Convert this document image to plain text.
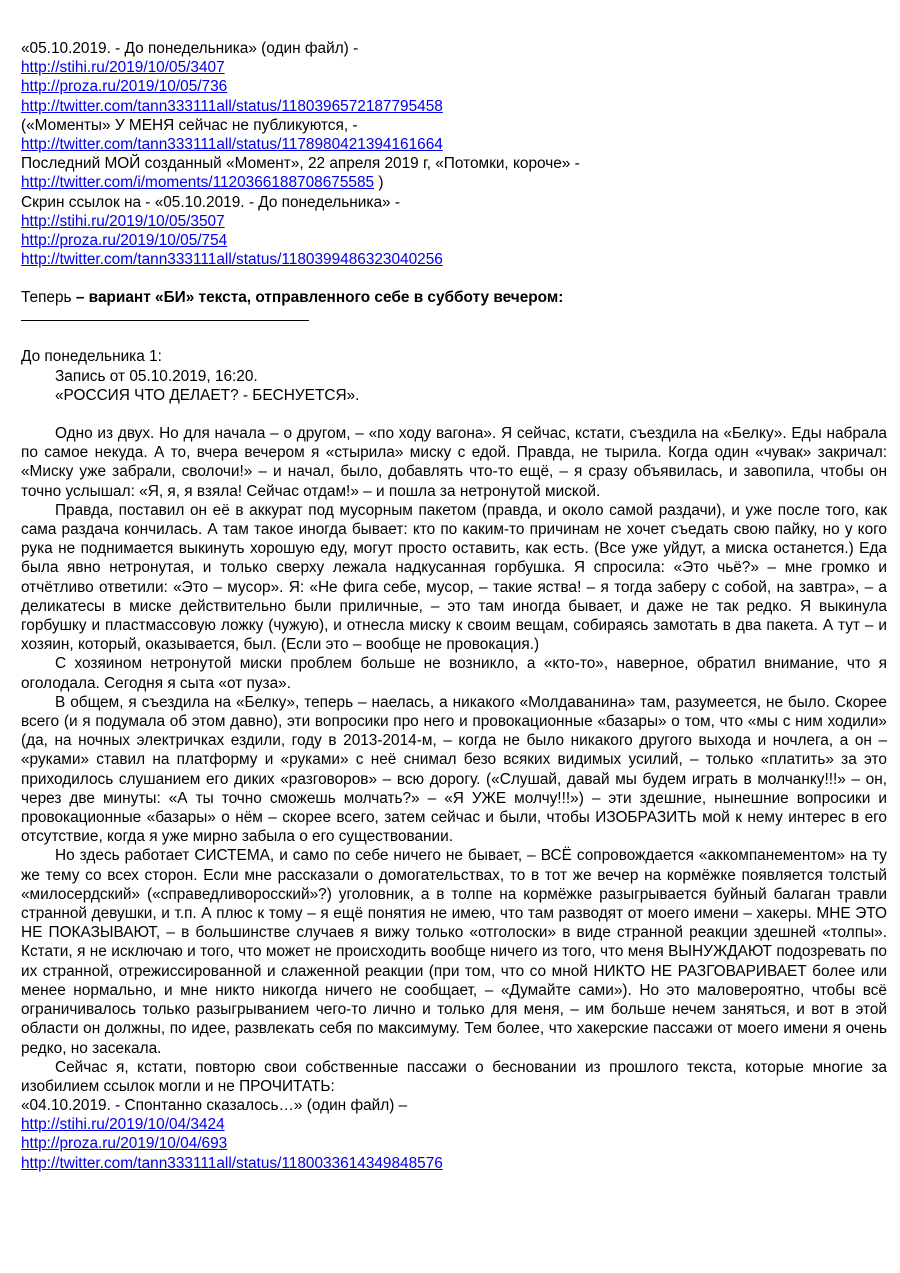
«05.10.2019. - До понедельника» (один файл) -
http://stihi.ru/2019/10/05/3407
http://proza.ru/2019/10/05/736
http://twitter.com/tann333111all/status/1180396572187795458
(«Моменты» У МЕНЯ сейчас не публикуются, -
http://twitter.com/tann333111all/status/1178980421394161664
Последний МОЙ созданный «Момент», 22 апреля 2019 г, «Потомки, короче» -
http://twitter.com/i/moments/1120366188708675585 )
Скрин ссылок на - «05.10.2019. - До понедельника» -
http://stihi.ru/2019/10/05/3507
http://proza.ru/2019/10/05/754
http://twitter.com/tann333111all/status/1180399486323040256
Теперь – вариант «БИ» текста, отправленного себе в субботу вечером:
До понедельника 1:
Запись от 05.10.2019, 16:20.
«РОССИЯ ЧТО ДЕЛАЕТ? - БЕСНУЕТСЯ».

Одно из двух. Но для начала – о другом, – «по ходу вагона». Я сейчас, кстати, съездила на «Белку». Еды набрала по самое некуда. А то, вчера вечером я «стырила» миску с едой. Правда, не тырила. Когда один «чувак» закричал: «Миску уже забрали, сволочи!» – и начал, было, добавлять что-то ещё, – я сразу объявилась, и завопила, чтобы он точно услышал: «Я, я, я взяла! Сейчас отдам!» – и пошла за нетронутой миской.

Правда, поставил он её в аккурат под мусорным пакетом (правда, и около самой раздачи), и уже после того, как сама раздача кончилась. А там такое иногда бывает: кто по каким-то причинам не хочет съедать свою пайку, но у кого рука не поднимается выкинуть хорошую еду, могут просто оставить, как есть. (Все уже уйдут, а миска останется.) Еда была явно нетронутая, и только сверху лежала надкусанная горбушка. Я спросила: «Это чьё?» – мне громко и отчётливо ответили: «Это – мусор». Я: «Не фига себе, мусор, – такие яства! – я тогда заберу с собой, на завтра», – а деликатесы в миске действительно были приличные, – это там иногда бывает, и даже не так редко. Я выкинула горбушку и пластмассовую ложку (чужую), и отнесла миску к своим вещам, собираясь замотать в два пакета. А тут – и хозяин, который, оказывается, был. (Если это – вообще не провокация.)

С хозяином нетронутой миски проблем больше не возникло, а «кто-то», наверное, обратил внимание, что я оголодала. Сегодня я сыта «от пуза».

В общем, я съездила на «Белку», теперь – наелась, а никакого «Молдаванина» там, разумеется, не было. Скорее всего (и я подумала об этом давно), эти вопросики про него и провокационные «базары» о том, что «мы с ним ходили» (да, на ночных электричках ездили, году в 2013-2014-м, – когда не было никакого другого выхода и ночлега, а он – «руками» ставил на платформу и «руками» с неё снимал безо всяких видимых усилий, – только «платить» за это приходилось слушанием его диких «разговоров» – всю дорогу. («Слушай, давай мы будем играть в молчанку!!!» – он, через две минуты: «А ты точно сможешь молчать?» – «Я УЖЕ молчу!!!») – эти здешние, нынешние вопросики и провокационные «базары» о нём – скорее всего, затем сейчас и были, чтобы ИЗОБРАЗИТЬ мой к нему интерес в его отсутствие, когда я уже мирно забыла о его существовании.

Но здесь работает СИСТЕМА, и само по себе ничего не бывает, – ВСЁ сопровождается «аккомпанементом» на ту же тему со всех сторон. Если мне рассказали о домогательствах, то в тот же вечер на кормёжке появляется толстый «милосердский» («справедливоросский»?) уголовник, а в толпе на кормёжке разыгрывается буйный балаган травли странной девушки, и т.п. А плюс к тому – я ещё понятия не имею, что там разводят от моего имени – хакеры. МНЕ ЭТО НЕ ПОКАЗЫВАЮТ, – в большинстве случаев я вижу только «отголоски» в виде странной реакции здешней «толпы». Кстати, я не исключаю и того, что может не происходить вообще ничего из того, что меня ВЫНУЖДАЮТ подозревать по их странной, отрежиссированной и слаженной реакции (при том, что со мной НИКТО НЕ РАЗГОВАРИВАЕТ более или менее нормально, и мне никто никогда ничего не сообщает, – «Думайте сами»). Но это маловероятно, чтобы всё ограничивалось только разыгрыванием чего-то лично и только для меня, – им больше нечем заняться, и вот в этой области он должны, по идее, развлекать себя по максимуму. Тем более, что хакерские пассажи от моего имени я очень редко, но засекала.

Сейчас я, кстати, повторю свои собственные пассажи о бесновании из прошлого текста, которые многие за изобилием ссылок могли и не ПРОЧИТАТЬ:

«04.10.2019. - Спонтанно сказалось…» (один файл) –
http://stihi.ru/2019/10/04/3424
http://proza.ru/2019/10/04/693
http://twitter.com/tann333111all/status/1180033614349848576
